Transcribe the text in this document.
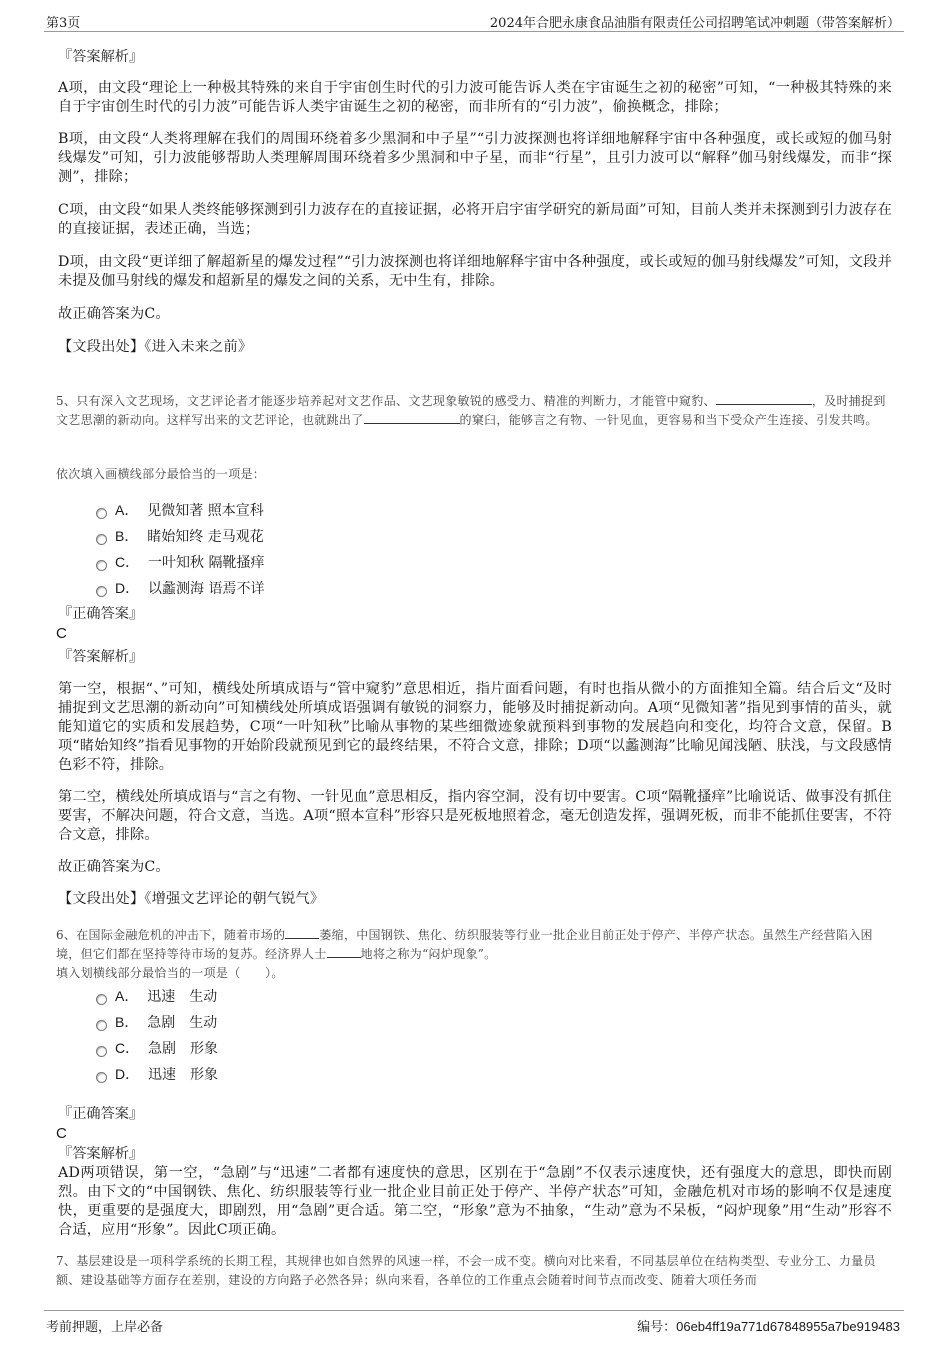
第3页	2024年合肥永康食品油脂有限责任公司招聘笔试冲刺题（带答案解析）
『答案解析』

A项，由文段“理论上一种极其特殊的来自于宇宙创生时代的引力波可能告诉人类在宇宙诞生之初的秘密”可知，“一种极其特殊的来自于宇宙创生时代的引力波”可能告诉人类宇宙诞生之初的秘密，而非所有的“引力波”，偷换概念，排除；

B项，由文段“人类将理解在我们的周围环绕着多少黑洞和中子星”“引力波探测也将详细地解释宇宙中各种强度，或长或短的伽马射线爆发”可知，引力波能够帮助人类理解周围环绕着多少黑洞和中子星，而非“行星”，且引力波可以“解释”伽马射线爆发，而非“探测”，排除；

C项，由文段“如果人类终能够探测到引力波存在的直接证据，必将开启宇宙学研究的新局面”可知，目前人类并未探测到引力波存在的直接证据，表述正确，当选；

D项，由文段“更详细了解超新星的爆发过程”“引力波探测也将详细地解释宇宙中各种强度，或长或短的伽马射线爆发”可知，文段并未提及伽马射线的爆发和超新星的爆发之间的关系，无中生有，排除。

故正确答案为C。

【文段出处】《进入未来之前》

5、只有深入文艺现场，文艺评论者才能逐步培养起对文艺作品、文艺现象敏锐的感受力、精准的判断力，才能管中窥豹、	，及时捕捉到文艺思潮的新动向。这样写出来的文艺评论，也就跳出了	的窠臼，能够言之有物、一针见血，更容易和当下受众产生连接、引发共鸣。

依次填入画横线部分最恰当的一项是：

A． 见微知著 照本宣科
B． 睹始知终 走马观花
C． 一叶知秋 隔靴搔痒
D． 以蠡测海 语焉不详
『正确答案』
C
『答案解析』

第一空，根据“、”可知，横线处所填成语与“管中窥豹”意思相近，指片面看问题，有时也指从微小的方面推知全篇。结合后文“及时捕捉到文艺思潮的新动向”可知横线处所填成语强调有敏锐的洞察力，能够及时捕捉新动向。A项“见微知著”指见到事情的苗头，就能知道它的实质和发展趋势，C项“一叶知秋”比喻从事物的某些细微迹象就预料到事物的发展趋向和变化，均符合文意，保留。B项“睹始知终”指看见事物的开始阶段就预见到它的最终结果，不符合文意，排除；D项“以蠡测海”比喻见闻浅陋、肤浅，与文段感情色彩不符，排除。

第二空，横线处所填成语与“言之有物、一针见血”意思相反，指内容空洞，没有切中要害。C项“隔靴搔痒”比喻说话、做事没有抓住要害，不解决问题，符合文意，当选。A项“照本宣科”形容只是死板地照着念，毫无创造发挥，强调死板，而非不能抓住要害，不符合文意，排除。

故正确答案为C。

【文段出处】《增强文艺评论的朝气锐气》

6、在国际金融危机的冲击下，随着市场的	萎缩，中国钢铁、焦化、纺织服装等行业一批企业目前正处于停产、半停产状态。虽然生产经营陷入困境，但它们都在坚持等待市场的复苏。经济界人士	地将之称为“闷炉现象”。

填入划横线部分最恰当的一项是（　　）。

A． 迅速　生动
B． 急剧　生动
C． 急剧　形象
D． 迅速　形象
『正确答案』
C
『答案解析』

AD两项错误，第一空，“急剧”与“迅速”二者都有速度快的意思，区别在于“急剧”不仅表示速度快，还有强度大的意思，即快而剧烈。由下文的“中国钢铁、焦化、纺织服装等行业一批企业目前正处于停产、半停产状态”可知，金融危机对市场的影响不仅是速度快，更重要的是强度大，即剧烈，用“急剧”更合适。第二空，“形象”意为不抽象，“生动”意为不呆板，“闷炉现象”用“生动”形容不合适，应用“形象”。因此C项正确。

7、基层建设是一项科学系统的长期工程，其规律也如自然界的风速一样，不会一成不变。横向对比来看，不同基层单位在结构类型、专业分工、力量员额、建设基础等方面存在差别，建设的方向路子必然各异；纵向来看，各单位的工作重点会随着时间节点而改变、随着大项任务而

考前押题，上岸必备	编号：06eb4ff19a771d67848955a7be919483
